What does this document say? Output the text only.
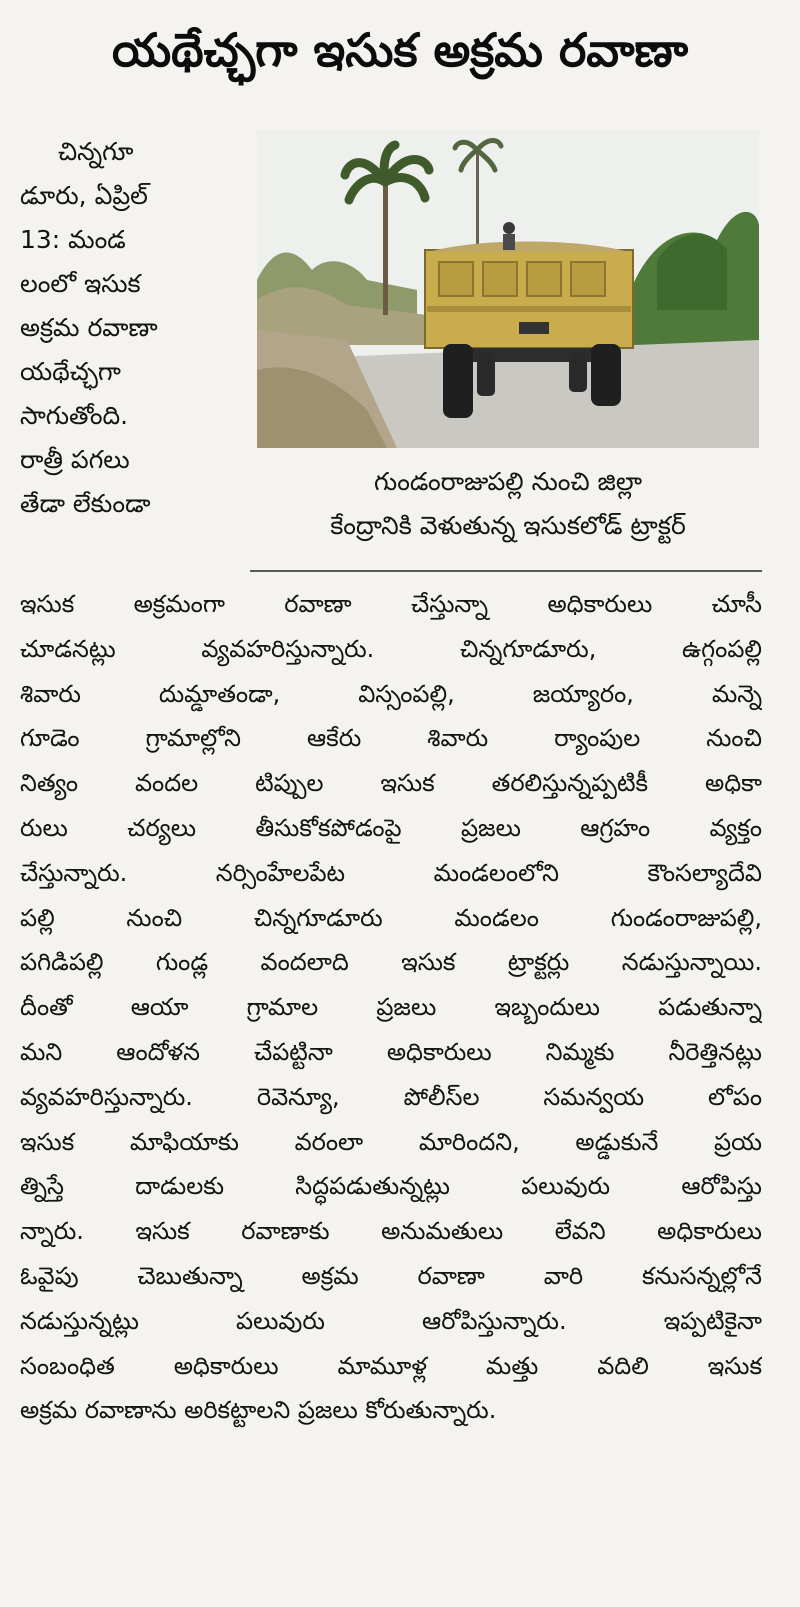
యథేచ్ఛగా ఇసుక అక్రమ రవాణా
చిన్నగూ
డూరు, ఏప్రిల్
13: మండ
లంలో ఇసుక
అక్రమ రవాణా
యథేచ్ఛగా
సాగుతోంది.
రాత్రీ పగలు
తేడా లేకుండా
గుండంరాజుపల్లి నుంచి జిల్లా
కేంద్రానికి వెళుతున్న ఇసుకలోడ్ ట్రాక్టర్
ఇసుక అక్రమంగా రవాణా చేస్తున్నా అధికారులు చూసీ
చూడనట్లు వ్యవహరిస్తున్నారు. చిన్నగూడూరు, ఉగ్గంపల్లి
శివారు దుమ్డాతండా, విస్సంపల్లి, జయ్యారం, మన్నె
గూడెం గ్రామాల్లోని ఆకేరు శివారు ర్యాంపుల నుంచి
నిత్యం వందల టిప్పుల ఇసుక తరలిస్తున్నప్పటికీ అధికా
రులు చర్యలు తీసుకోకపోడంపై ప్రజలు ఆగ్రహం వ్యక్తం
చేస్తున్నారు. నర్సింహేలపేట మండలంలోని కౌంసల్యాదేవి
పల్లి నుంచి చిన్నగూడూరు మండలం గుండంరాజుపల్లి,
పగిడిపల్లి గుండ్ల వందలాది ఇసుక ట్రాక్టర్లు నడుస్తున్నాయి.
దీంతో ఆయా గ్రామాల ప్రజలు ఇబ్బందులు పడుతున్నా
మని ఆందోళన చేపట్టినా అధికారులు నిమ్మకు నీరెత్తినట్లు
వ్యవహరిస్తున్నారు. రెవెన్యూ, పోలీస్‌ల సమన్వయ లోపం
ఇసుక మాఫియాకు వరంలా మారిందని, అడ్డుకునే ప్రయ
త్నిస్తే దాడులకు సిద్ధపడుతున్నట్లు పలువురు ఆరోపిస్తు
న్నారు. ఇసుక రవాణాకు అనుమతులు లేవని అధికారులు
ఓవైపు చెబుతున్నా అక్రమ రవాణా వారి కనుసన్నల్లోనే
నడుస్తున్నట్లు పలువురు ఆరోపిస్తున్నారు. ఇప్పటికైనా
సంబంధిత అధికారులు మామూళ్ల మత్తు వదిలి ఇసుక
అక్రమ రవాణాను అరికట్టాలని ప్రజలు కోరుతున్నారు.
